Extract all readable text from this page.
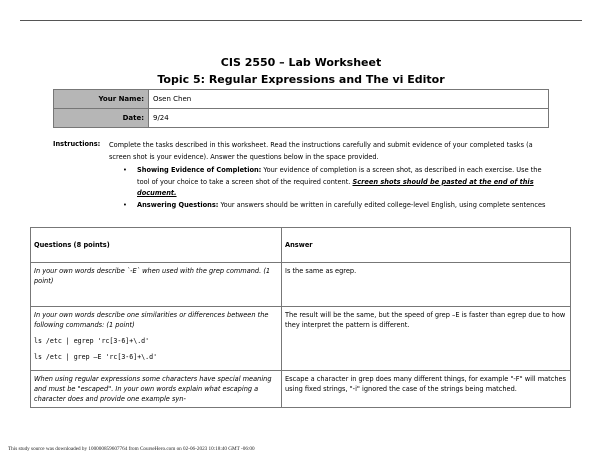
CIS 2550 – Lab Worksheet
Topic 5: Regular Expressions and The vi Editor
Your Name:	Osen Chen
Date:	9/24
Instructions: Complete the tasks described in this worksheet. Read the instructions carefully and submit evidence of your completed tasks (a screen shot is your evidence). Answer the questions below in the space provided.
• Showing Evidence of Completion: Your evidence of completion is a screen shot, as described in each exercise. Use the tool of your choice to take a screen shot of the required content. Screen shots should be pasted at the end of this document.
• Answering Questions: Your answers should be written in carefully edited college-level English, using complete sentences
Questions (8 points)	Answer
In your own words describe `-E` when used with the grep command. (1 point)	Is the same as egrep.
In your own words describe one similarities or differences between the following commands: (1 point)
ls /etc | egrep 'rc[3-6]+\.d'
ls /etc | grep –E 'rc[3-6]+\.d'	The result will be the same, but the speed of grep –E is faster than egrep due to how they interpret the pattern is different.
When using regular expressions some characters have special meaning and must be "escaped". In your own words explain what escaping a character does and provide one example syn-	Escape a character in grep does many different things, for example "-F" will matches using fixed strings, "-i" ignored the case of the strings being matched.
This study source was downloaded by 100000859607764 from CourseHero.com on 02-06-2023 10:18:40 GMT -06:00
